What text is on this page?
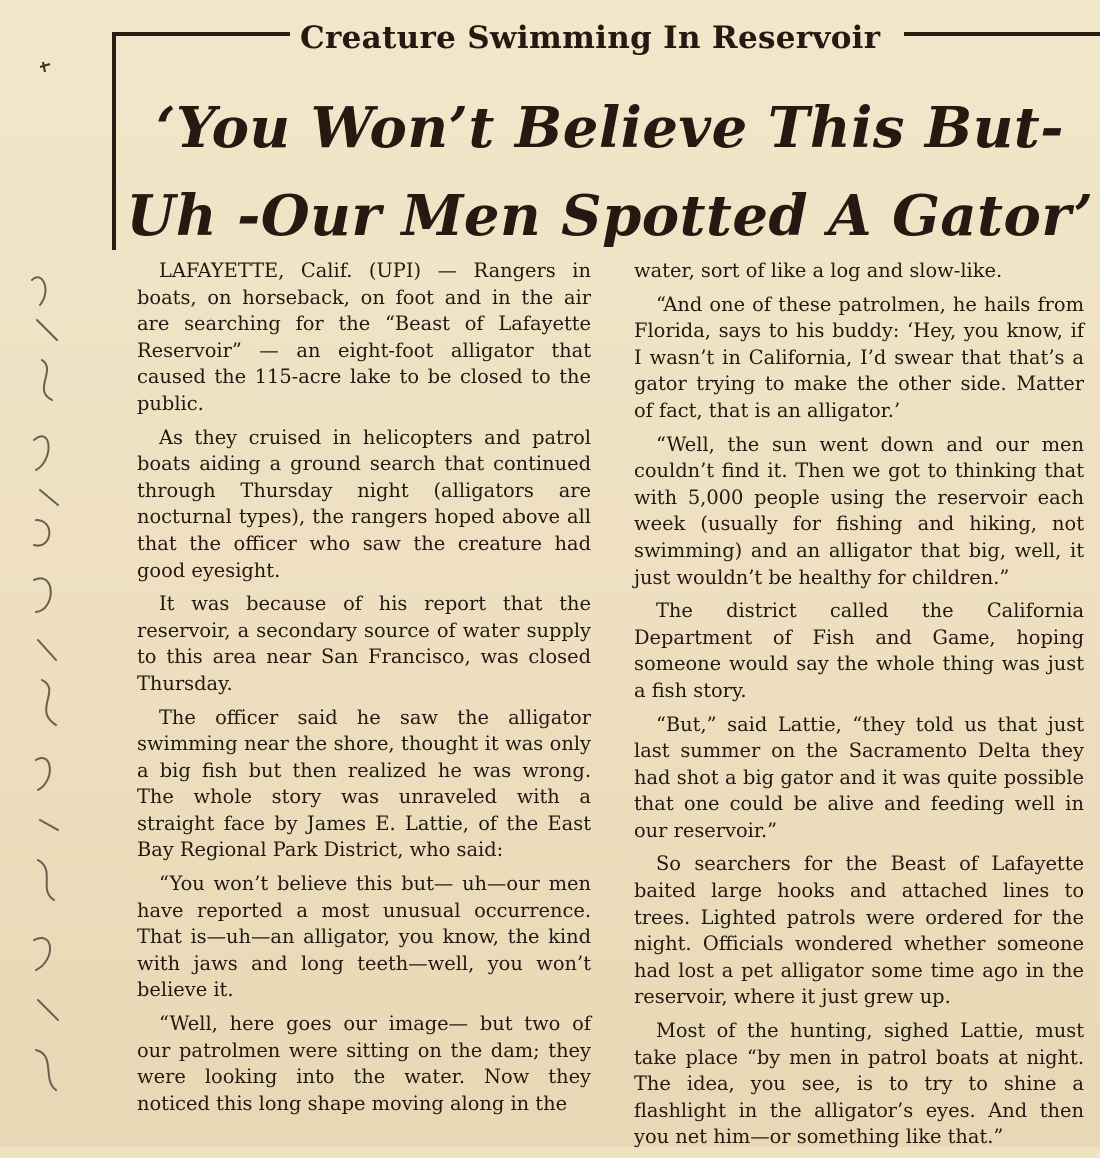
Creature Swimming In Reservoir
‘You Won’t Believe This But-
Uh -Our Men Spotted A Gator’

LAFAYETTE, Calif. (UPI) — Rangers in boats, on horseback, on foot and in the air are searching for the “Beast of Lafayette Reservoir” — an eight-foot alligator that caused the 115-acre lake to be closed to the public.

As they cruised in helicopters and patrol boats aiding a ground search that continued through Thursday night (alligators are nocturnal types), the rangers hoped above all that the officer who saw the creature had good eyesight.

It was because of his report that the reservoir, a secondary source of water supply to this area near San Francisco, was closed Thursday.

The officer said he saw the alligator swimming near the shore, thought it was only a big fish but then realized he was wrong. The whole story was unraveled with a straight face by James E. Lattie, of the East Bay Regional Park District, who said:

“You won’t believe this but— uh—our men have reported a most unusual occurrence. That is—uh—an alligator, you know, the kind with jaws and long teeth—well, you won’t believe it.

“Well, here goes our image— but two of our patrolmen were sitting on the dam; they were looking into the water. Now they noticed this long shape moving along in the

water, sort of like a log and slow-like.

“And one of these patrolmen, he hails from Florida, says to his buddy: ‘Hey, you know, if I wasn’t in California, I’d swear that that’s a gator trying to make the other side. Matter of fact, that is an alligator.’

“Well, the sun went down and our men couldn’t find it. Then we got to thinking that with 5,000 people using the reservoir each week (usually for fishing and hiking, not swimming) and an alligator that big, well, it just wouldn’t be healthy for children.”

The district called the California Department of Fish and Game, hoping someone would say the whole thing was just a fish story.

“But,” said Lattie, “they told us that just last summer on the Sacramento Delta they had shot a big gator and it was quite possible that one could be alive and feeding well in our reservoir.”

So searchers for the Beast of Lafayette baited large hooks and attached lines to trees. Lighted patrols were ordered for the night. Officials wondered whether someone had lost a pet alligator some time ago in the reservoir, where it just grew up.

Most of the hunting, sighed Lattie, must take place “by men in patrol boats at night. The idea, you see, is to try to shine a flashlight in the alligator’s eyes. And then you net him—or something like that.”
